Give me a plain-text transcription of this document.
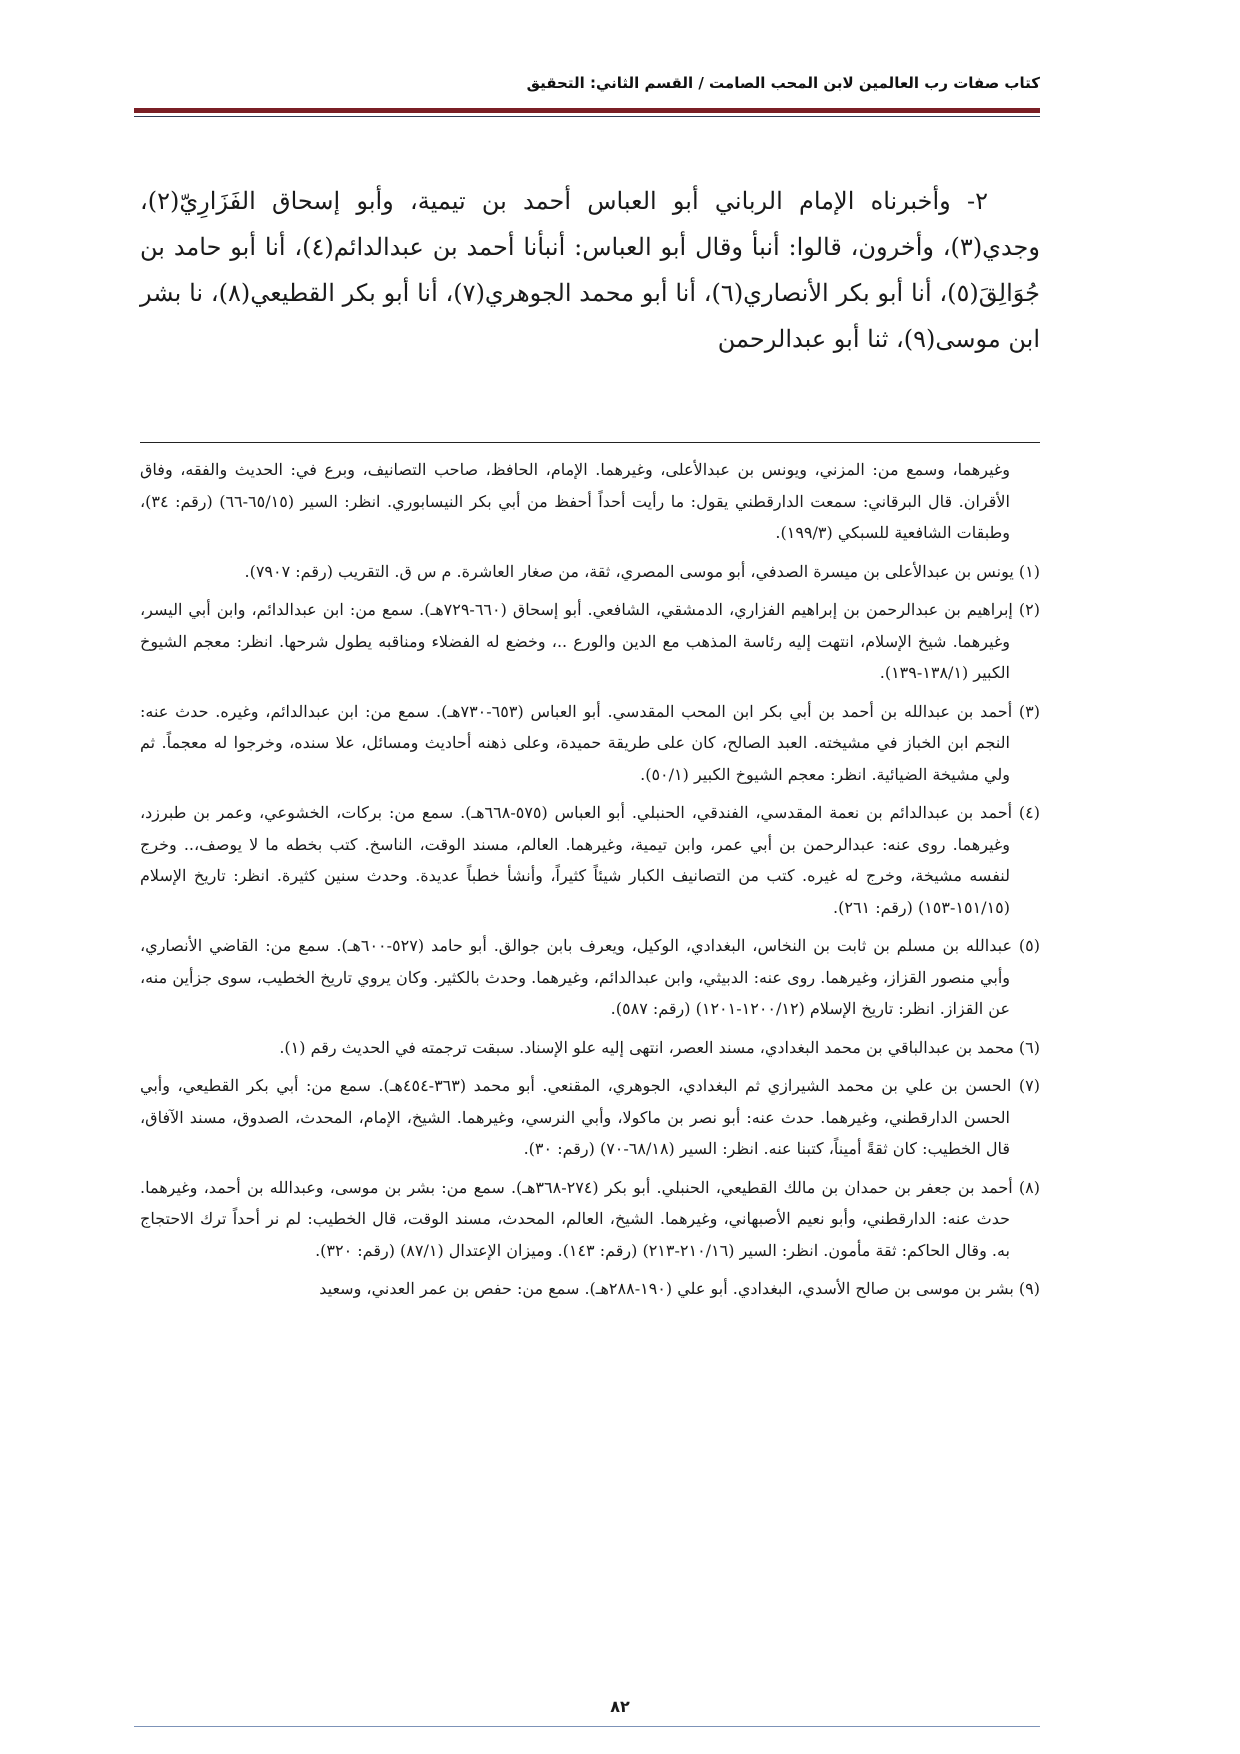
كتاب صفات رب العالمين لابن المحب الصامت / القسم الثاني: التحقيق

٢- وأخبرناه الإمام الرباني أبو العباس أحمد بن تيمية، وأبو إسحاق الفَزَارِيّ(٢)، وجدي(٣)، وأخرون، قالوا: أنبأ وقال أبو العباس: أنبأنا أحمد بن عبدالدائم(٤)، أنا أبو حامد بن جُوَالِقَ(٥)، أنا أبو بكر الأنصاري(٦)، أنا أبو محمد الجوهري(٧)، أنا أبو بكر القطيعي(٨)، نا بشر ابن موسى(٩)، ثنا أبو عبدالرحمن

وغيرهما، وسمع من: المزني، ويونس بن عبدالأعلى، وغيرهما. الإمام، الحافظ، صاحب التصانيف، وبرع في: الحديث والفقه، وفاق الأقران. قال البرقاني: سمعت الدارقطني يقول: ما رأيت أحداً أحفظ من أبي بكر النيسابوري. انظر: السير (٦٥/١٥-٦٦) (رقم: ٣٤)، وطبقات الشافعية للسبكي (١٩٩/٣).

(١) يونس بن عبدالأعلى بن ميسرة الصدفي، أبو موسى المصري، ثقة، من صغار العاشرة. م س ق. التقريب (رقم: ٧٩٠٧).

(٢) إبراهيم بن عبدالرحمن بن إبراهيم الفزاري، الدمشقي، الشافعي. أبو إسحاق (٦٦٠-٧٢٩هـ). سمع من: ابن عبدالدائم، وابن أبي اليسر، وغيرهما. شيخ الإسلام، انتهت إليه رئاسة المذهب مع الدين والورع ..، وخضع له الفضلاء ومناقبه يطول شرحها. انظر: معجم الشيوخ الكبير (١٣٨/١-١٣٩).

(٣) أحمد بن عبدالله بن أحمد بن أبي بكر ابن المحب المقدسي. أبو العباس (٦٥٣-٧٣٠هـ). سمع من: ابن عبدالدائم، وغيره. حدث عنه: النجم ابن الخباز في مشيخته. العبد الصالح، كان على طريقة حميدة، وعلى ذهنه أحاديث ومسائل، علا سنده، وخرجوا له معجماً. ثم ولي مشيخة الضيائية. انظر: معجم الشيوخ الكبير (٥٠/١).

(٤) أحمد بن عبدالدائم بن نعمة المقدسي، الفندقي، الحنبلي. أبو العباس (٥٧٥-٦٦٨هـ). سمع من: بركات، الخشوعي، وعمر بن طبرزد، وغيرهما. روى عنه: عبدالرحمن بن أبي عمر، وابن تيمية، وغيرهما. العالم، مسند الوقت، الناسخ. كتب بخطه ما لا يوصف،.. وخرج لنفسه مشيخة، وخرج له غيره. كتب من التصانيف الكبار شيئاً كثيراً، وأنشأ خطباً عديدة. وحدث سنين كثيرة. انظر: تاريخ الإسلام (١٥١/١٥-١٥٣) (رقم: ٢٦١).

(٥) عبدالله بن مسلم بن ثابت بن النخاس، البغدادي، الوكيل، ويعرف بابن جوالق. أبو حامد (٥٢٧-٦٠٠هـ). سمع من: القاضي الأنصاري، وأبي منصور القزاز، وغيرهما. روى عنه: الدبيثي، وابن عبدالدائم، وغيرهما. وحدث بالكثير. وكان يروي تاريخ الخطيب، سوى جزأين منه، عن القزاز. انظر: تاريخ الإسلام (١٢٠٠/١٢-١٢٠١) (رقم: ٥٨٧).

(٦) محمد بن عبدالباقي بن محمد البغدادي، مسند العصر، انتهى إليه علو الإسناد. سبقت ترجمته في الحديث رقم (١).

(٧) الحسن بن علي بن محمد الشيرازي ثم البغدادي، الجوهري، المقنعي. أبو محمد (٣٦٣-٤٥٤هـ). سمع من: أبي بكر القطيعي، وأبي الحسن الدارقطني، وغيرهما. حدث عنه: أبو نصر بن ماكولا، وأبي النرسي، وغيرهما. الشيخ، الإمام، المحدث، الصدوق، مسند الآفاق، قال الخطيب: كان ثقةً أميناً، كتبنا عنه. انظر: السير (٦٨/١٨-٧٠) (رقم: ٣٠).

(٨) أحمد بن جعفر بن حمدان بن مالك القطيعي، الحنبلي. أبو بكر (٢٧٤-٣٦٨هـ). سمع من: بشر بن موسى، وعبدالله بن أحمد، وغيرهما. حدث عنه: الدارقطني، وأبو نعيم الأصبهاني، وغيرهما. الشيخ، العالم، المحدث، مسند الوقت، قال الخطيب: لم نر أحداً ترك الاحتجاج به. وقال الحاكم: ثقة مأمون. انظر: السير (٢١٠/١٦-٢١٣) (رقم: ١٤٣). وميزان الإعتدال (٨٧/١) (رقم: ٣٢٠).

(٩) بشر بن موسى بن صالح الأسدي، البغدادي. أبو علي (١٩٠-٢٨٨هـ). سمع من: حفص بن عمر العدني، وسعيد

٨٢
